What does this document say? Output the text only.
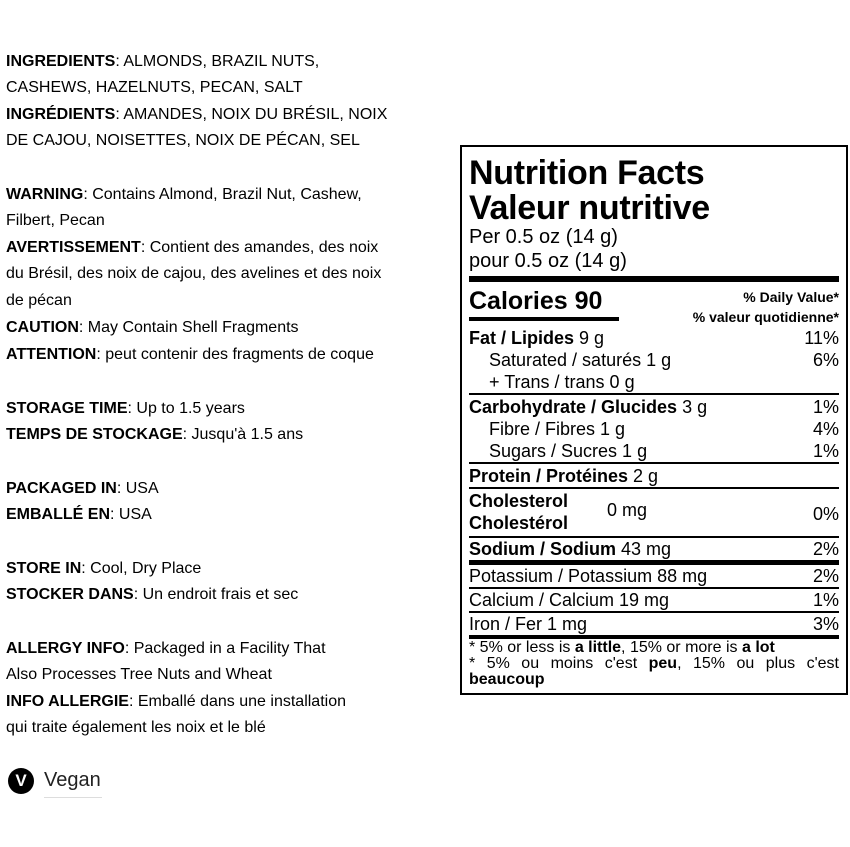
INGREDIENTS: ALMONDS, BRAZIL NUTS,
CASHEWS, HAZELNUTS, PECAN, SALT
INGRÉDIENTS: AMANDES, NOIX DU BRÉSIL, NOIX
DE CAJOU, NOISETTES, NOIX DE PÉCAN, SEL
WARNING: Contains Almond, Brazil Nut, Cashew,
Filbert, Pecan
AVERTISSEMENT: Contient des amandes, des noix
du Brésil, des noix de cajou, des avelines et des noix
de pécan
CAUTION: May Contain Shell Fragments
ATTENTION: peut contenir des fragments de coque
STORAGE TIME: Up to 1.5 years
TEMPS DE STOCKAGE: Jusqu'à 1.5 ans
PACKAGED IN: USA
EMBALLÉ EN: USA
STORE IN: Cool, Dry Place
STOCKER DANS: Un endroit frais et sec
ALLERGY INFO: Packaged in a Facility That
Also Processes Tree Nuts and Wheat
INFO ALLERGIE: Emballé dans une installation
qui traite également les noix et le blé
V Vegan
Nutrition Facts
Valeur nutritive
Per 0.5 oz (14 g)
pour 0.5 oz (14 g)
Calories 90	% Daily Value*
% valeur quotidienne*
Fat / Lipides 9 g	11%
Saturated / saturés 1 g	6%
+ Trans / trans 0 g
Carbohydrate / Glucides 3 g	1%
Fibre / Fibres 1 g	4%
Sugars / Sucres 1 g	1%
Protein / Protéines 2 g
Cholesterol
Cholestérol
0 mg	0%
Sodium / Sodium 43 mg	2%
Potassium / Potassium 88 mg	2%
Calcium / Calcium 19 mg	1%
Iron / Fer 1 mg	3%
* 5% or less is a little, 15% or more is a lot
* 5% ou moins c'est peu, 15% ou plus c'est
beaucoup
